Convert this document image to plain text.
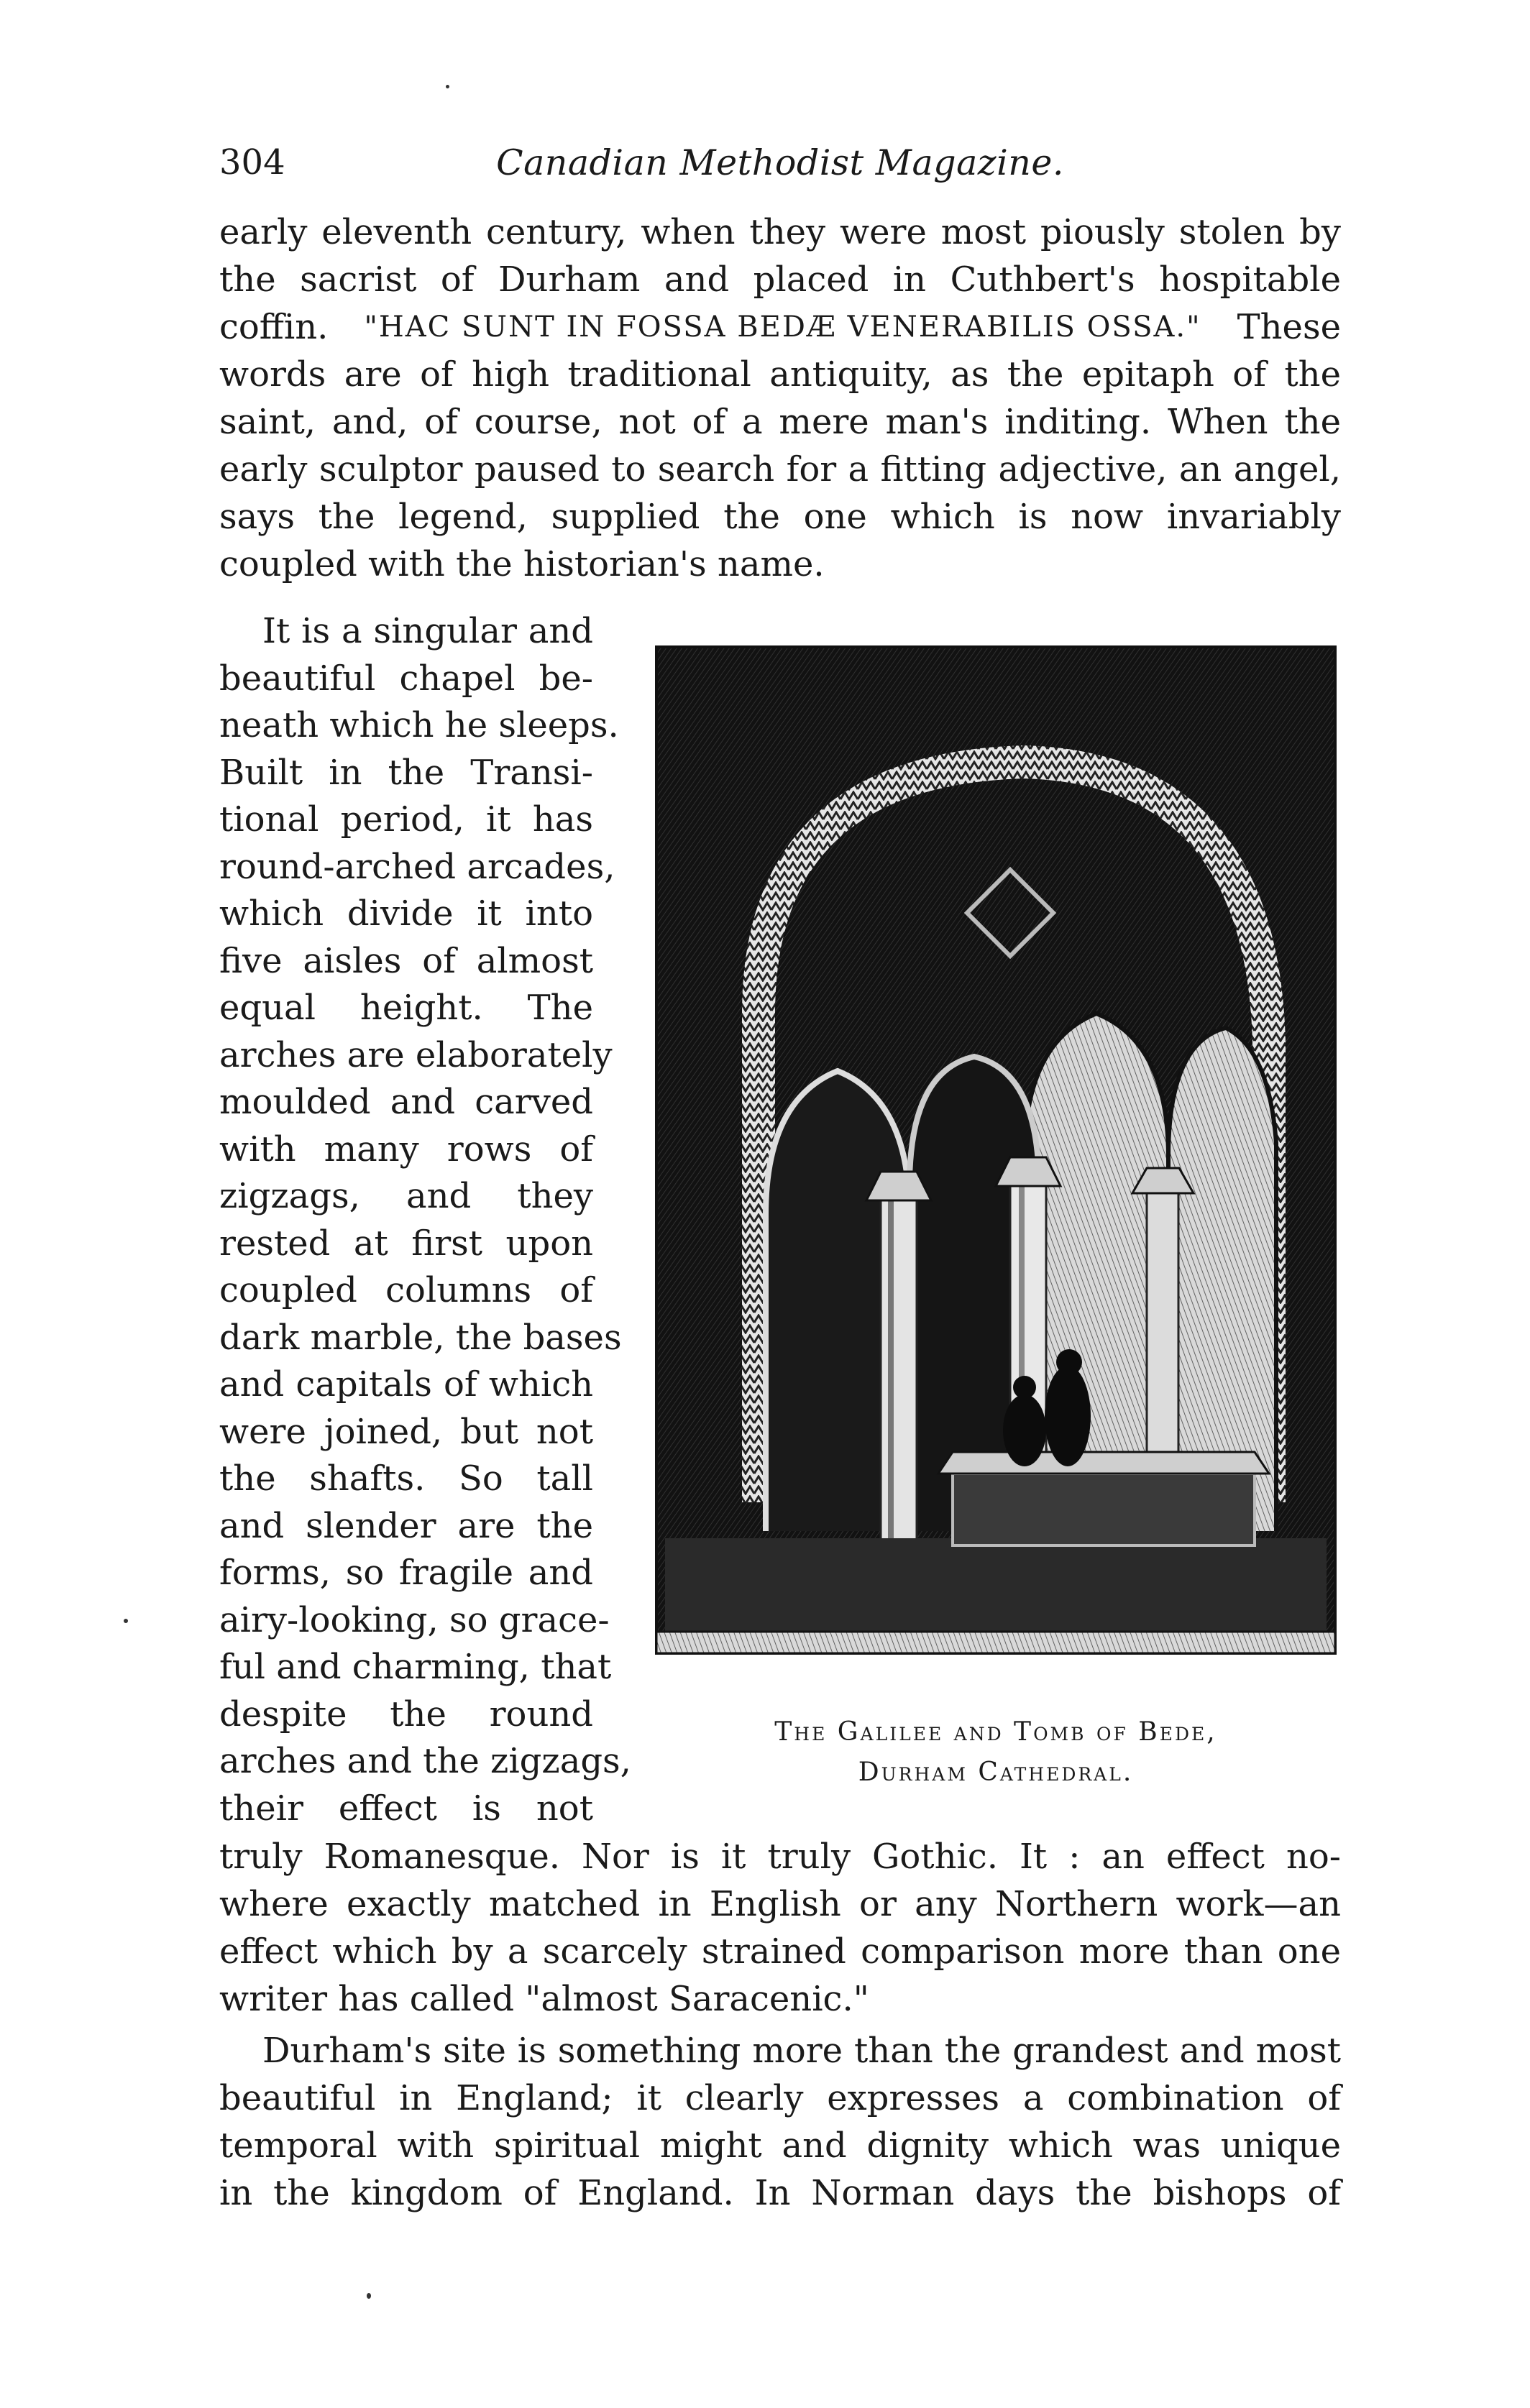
304	Canadian Methodist Magazine.
early eleventh century, when they were most piously stolen by
the sacrist of Durham and placed in Cuthbert's hospitable
coffin. "HAC SUNT IN FOSSA BEDÆ VENERABILIS OSSA." These
words are of high traditional antiquity, as the epitaph of the
saint, and, of course, not of a mere man's inditing. When the
early sculptor paused to search for a fitting adjective, an angel,
says the legend, supplied the one which is now invariably
coupled with the historian's name.
It is a singular and
beautiful chapel be-
neath which he sleeps.
Built in the Transi-
tional period, it has
round-arched arcades,
which divide it into
five aisles of almost
equal height. The
arches are elaborately
moulded and carved
with many rows of
zigzags, and they
rested at first upon
coupled columns of
dark marble, the bases
and capitals of which
were joined, but not
the shafts. So tall
and slender are the
forms, so fragile and
airy-looking, so grace-
ful and charming, that
despite the round
arches and the zigzags,
their effect is not
truly Romanesque. Nor is it truly Gothic. It : an effect no-
where exactly matched in English or any Northern work—an
effect which by a scarcely strained comparison more than one
writer has called "almost Saracenic."
Durham's site is something more than the grandest and most
beautiful in England; it clearly expresses a combination of
temporal with spiritual might and dignity which was unique
in the kingdom of England. In Norman days the bishops of
The Galilee and Tomb of Bede,
Durham Cathedral.
